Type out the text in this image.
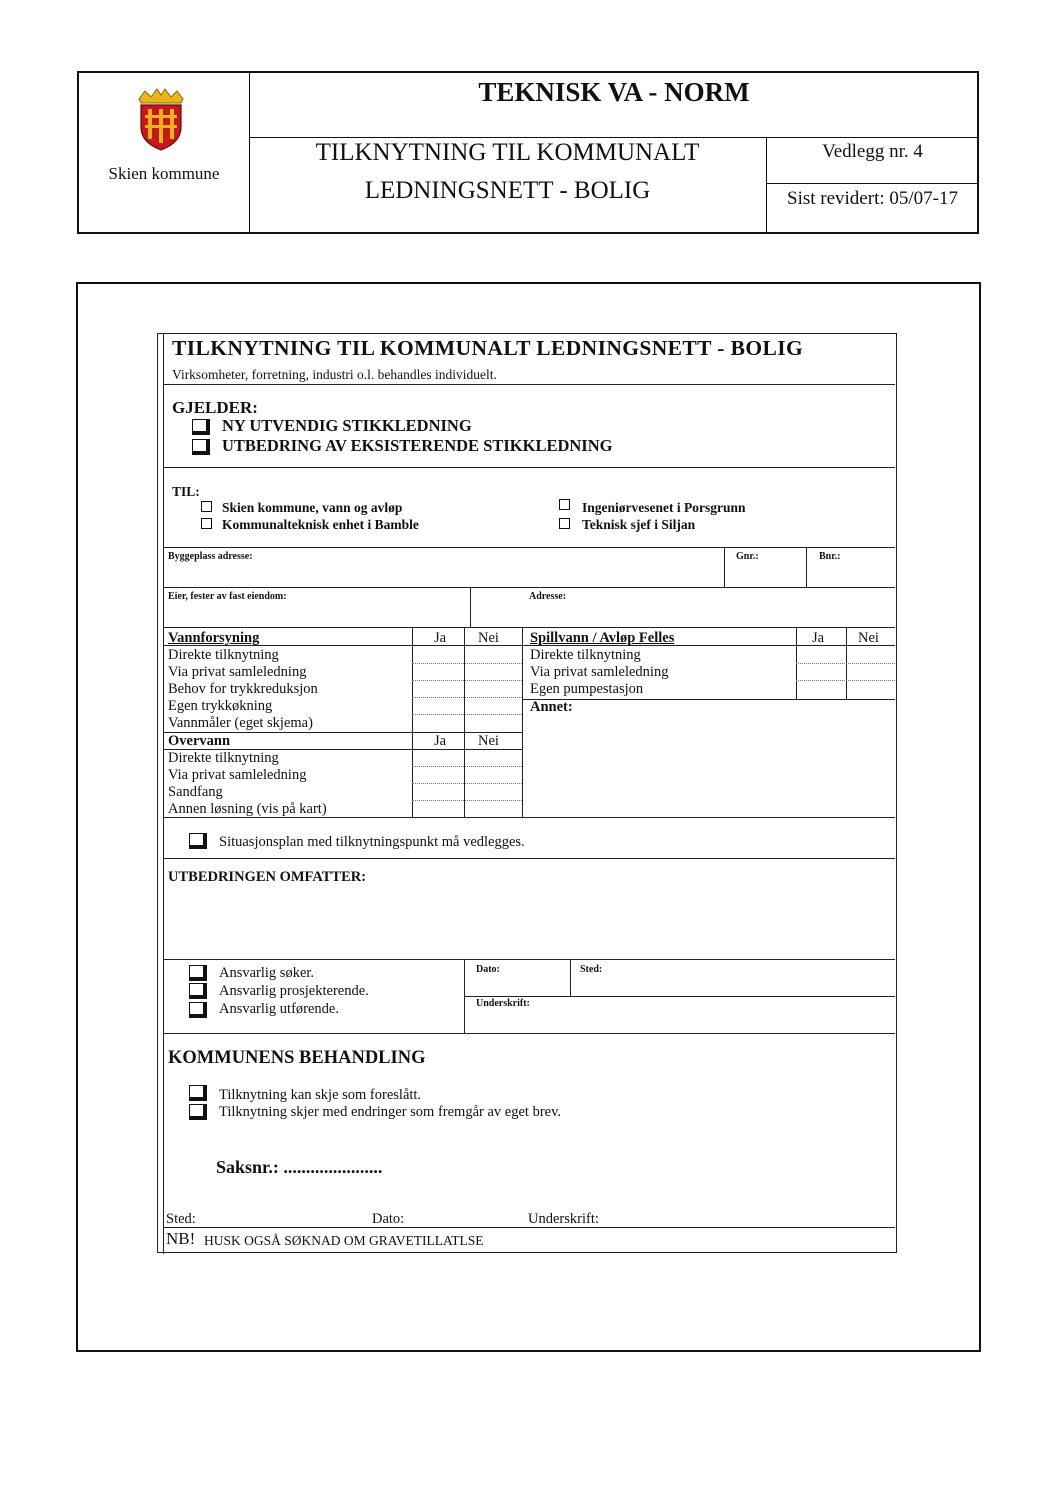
Skien kommune
TEKNISK VA - NORM
TILKNYTNING TIL KOMMUNALT
LEDNINGSNETT - BOLIG
Vedlegg nr. 4
Sist revidert: 05/07-17
TILKNYTNING TIL KOMMUNALT LEDNINGSNETT - BOLIG
Virksomheter, forretning, industri o.l. behandles individuelt.
GJELDER:
NY UTVENDIG STIKKLEDNING
UTBEDRING AV EKSISTERENDE STIKKLEDNING
TIL:
Skien kommune, vann og avløp
Kommunalteknisk enhet i Bamble
Ingeniørvesenet i Porsgrunn
Teknisk sjef i Siljan
Byggeplass adresse:	Gnr.:	Bnr.:
Eier, fester av fast eiendom:	Adresse:
Vannforsyning	Ja Nei
Direkte tilknytning
Via privat samleledning
Behov for trykkreduksjon
Egen trykkøkning
Vannmåler (eget skjema)
Overvann	Ja Nei
Direkte tilknytning
Via privat samleledning
Sandfang
Annen løsning (vis på kart)
Spillvann / Avløp Felles	Ja Nei
Direkte tilknytning
Via privat samleledning
Egen pumpestasjon
Annet:
Situasjonsplan med tilknytningspunkt må vedlegges.
UTBEDRINGEN OMFATTER:
Ansvarlig søker.
Ansvarlig prosjekterende.
Ansvarlig utførende.
Dato:	Sted:
Underskrift:
KOMMUNENS BEHANDLING
Tilknytning kan skje som foreslått.
Tilknytning skjer med endringer som fremgår av eget brev.
Saksnr.: ......................
Sted:	Dato:	Underskrift:
NB! HUSK OGSÅ SØKNAD OM GRAVETILLATLSE
